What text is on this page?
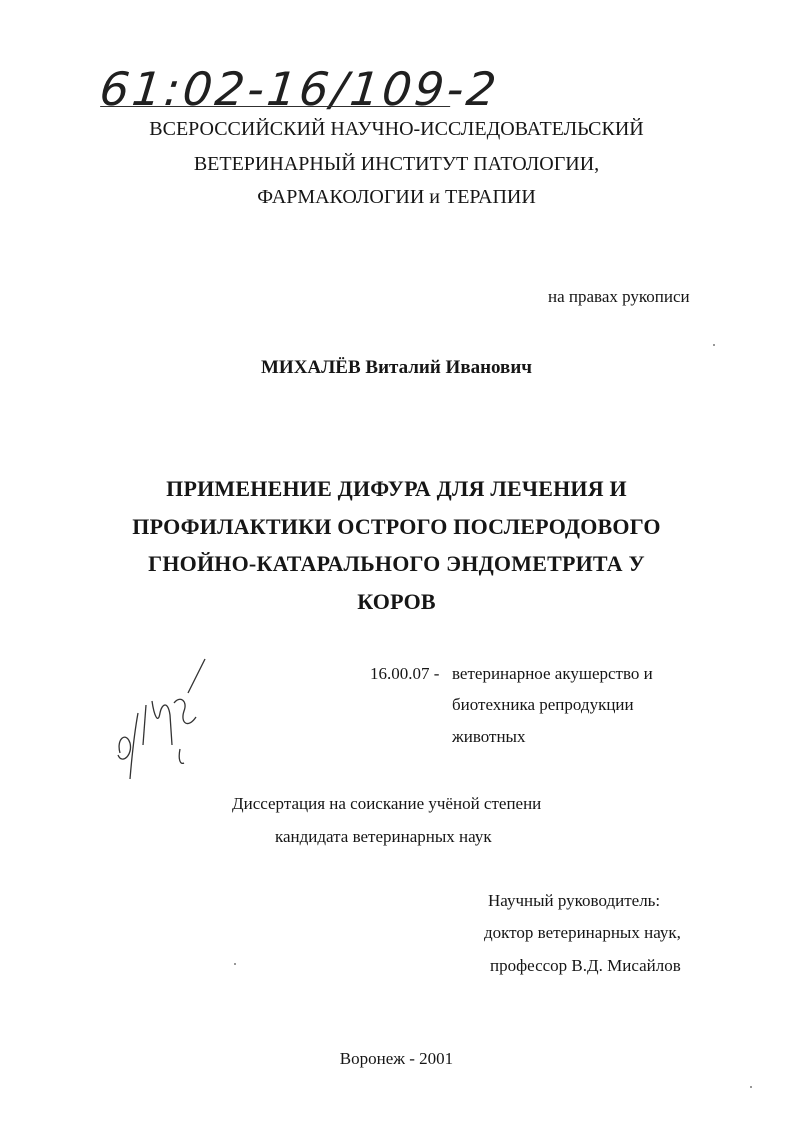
61:02-16/109-2
ВСЕРОССИЙСКИЙ НАУЧНО-ИССЛЕДОВАТЕЛЬСКИЙ
ВЕТЕРИНАРНЫЙ ИНСТИТУТ ПАТОЛОГИИ,
ФАРМАКОЛОГИИ и ТЕРАПИИ
на правах рукописи
МИХАЛЁВ Виталий Иванович
ПРИМЕНЕНИЕ ДИФУРА ДЛЯ ЛЕЧЕНИЯ И
ПРОФИЛАКТИКИ ОСТРОГО ПОСЛЕРОДОВОГО
ГНОЙНО-КАТАРАЛЬНОГО ЭНДОМЕТРИТА У
КОРОВ
16.00.07 - ветеринарное акушерство и
биотехника репродукции
животных
Диссертация на соискание учёной степени
кандидата ветеринарных наук
Научный руководитель:
доктор ветеринарных наук,
профессор В.Д. Мисайлов
Воронеж - 2001
